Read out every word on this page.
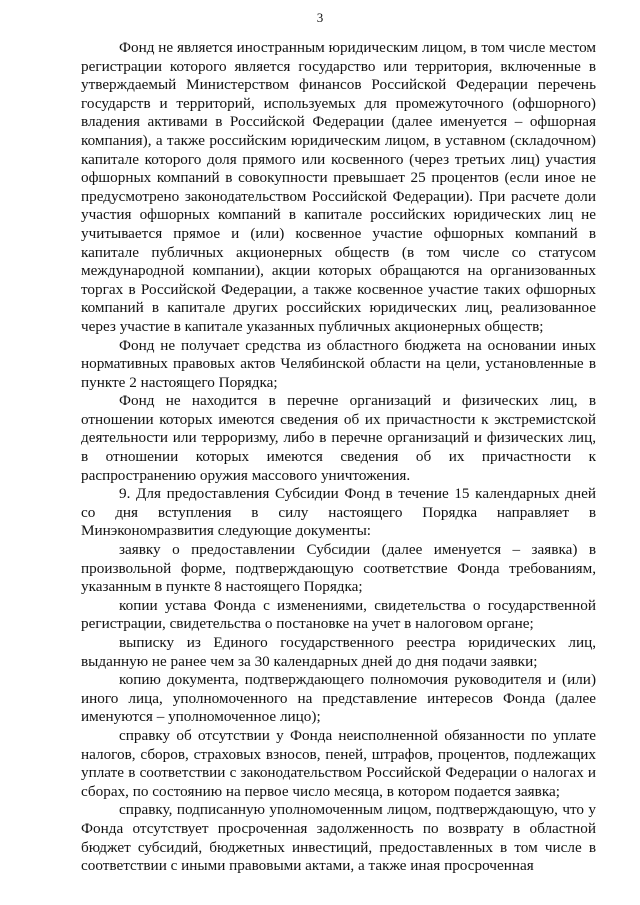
3

Фонд не является иностранным юридическим лицом, в том числе местом регистрации которого является государство или территория, включенные в утверждаемый Министерством финансов Российской Федерации перечень государств и территорий, используемых для промежуточного (офшорного) владения активами в Российской Федерации (далее именуется – офшорная компания), а также российским юридическим лицом, в уставном (складочном) капитале которого доля прямого или косвенного (через третьих лиц) участия офшорных компаний в совокупности превышает 25 процентов (если иное не предусмотрено законодательством Российской Федерации). При расчете доли участия офшорных компаний в капитале российских юридических лиц не учитывается прямое и (или) косвенное участие офшорных компаний в капитале публичных акционерных обществ (в том числе со статусом международной компании), акции которых обращаются на организованных торгах в Российской Федерации, а также косвенное участие таких офшорных компаний в капитале других российских юридических лиц, реализованное через участие в капитале указанных публичных акционерных обществ;

Фонд не получает средства из областного бюджета на основании иных нормативных правовых актов Челябинской области на цели, установленные в пункте 2 настоящего Порядка;

Фонд не находится в перечне организаций и физических лиц, в отношении которых имеются сведения об их причастности к экстремистской деятельности или терроризму, либо в перечне организаций и физических лиц, в отношении которых имеются сведения об их причастности к распространению оружия массового уничтожения.

9. Для предоставления Субсидии Фонд в течение 15 календарных дней со дня вступления в силу настоящего Порядка направляет в Минэкономразвития следующие документы:

заявку о предоставлении Субсидии (далее именуется – заявка) в произвольной форме, подтверждающую соответствие Фонда требованиям, указанным в пункте 8 настоящего Порядка;

копии устава Фонда с изменениями, свидетельства о государственной регистрации, свидетельства о постановке на учет в налоговом органе;

выписку из Единого государственного реестра юридических лиц, выданную не ранее чем за 30 календарных дней до дня подачи заявки;

копию документа, подтверждающего полномочия руководителя и (или) иного лица, уполномоченного на представление интересов Фонда (далее именуются – уполномоченное лицо);

справку об отсутствии у Фонда неисполненной обязанности по уплате налогов, сборов, страховых взносов, пеней, штрафов, процентов, подлежащих уплате в соответствии с законодательством Российской Федерации о налогах и сборах, по состоянию на первое число месяца, в котором подается заявка;

справку, подписанную уполномоченным лицом, подтверждающую, что у Фонда отсутствует просроченная задолженность по возврату в областной бюджет субсидий, бюджетных инвестиций, предоставленных в том числе в соответствии с иными правовыми актами, а также иная просроченная
